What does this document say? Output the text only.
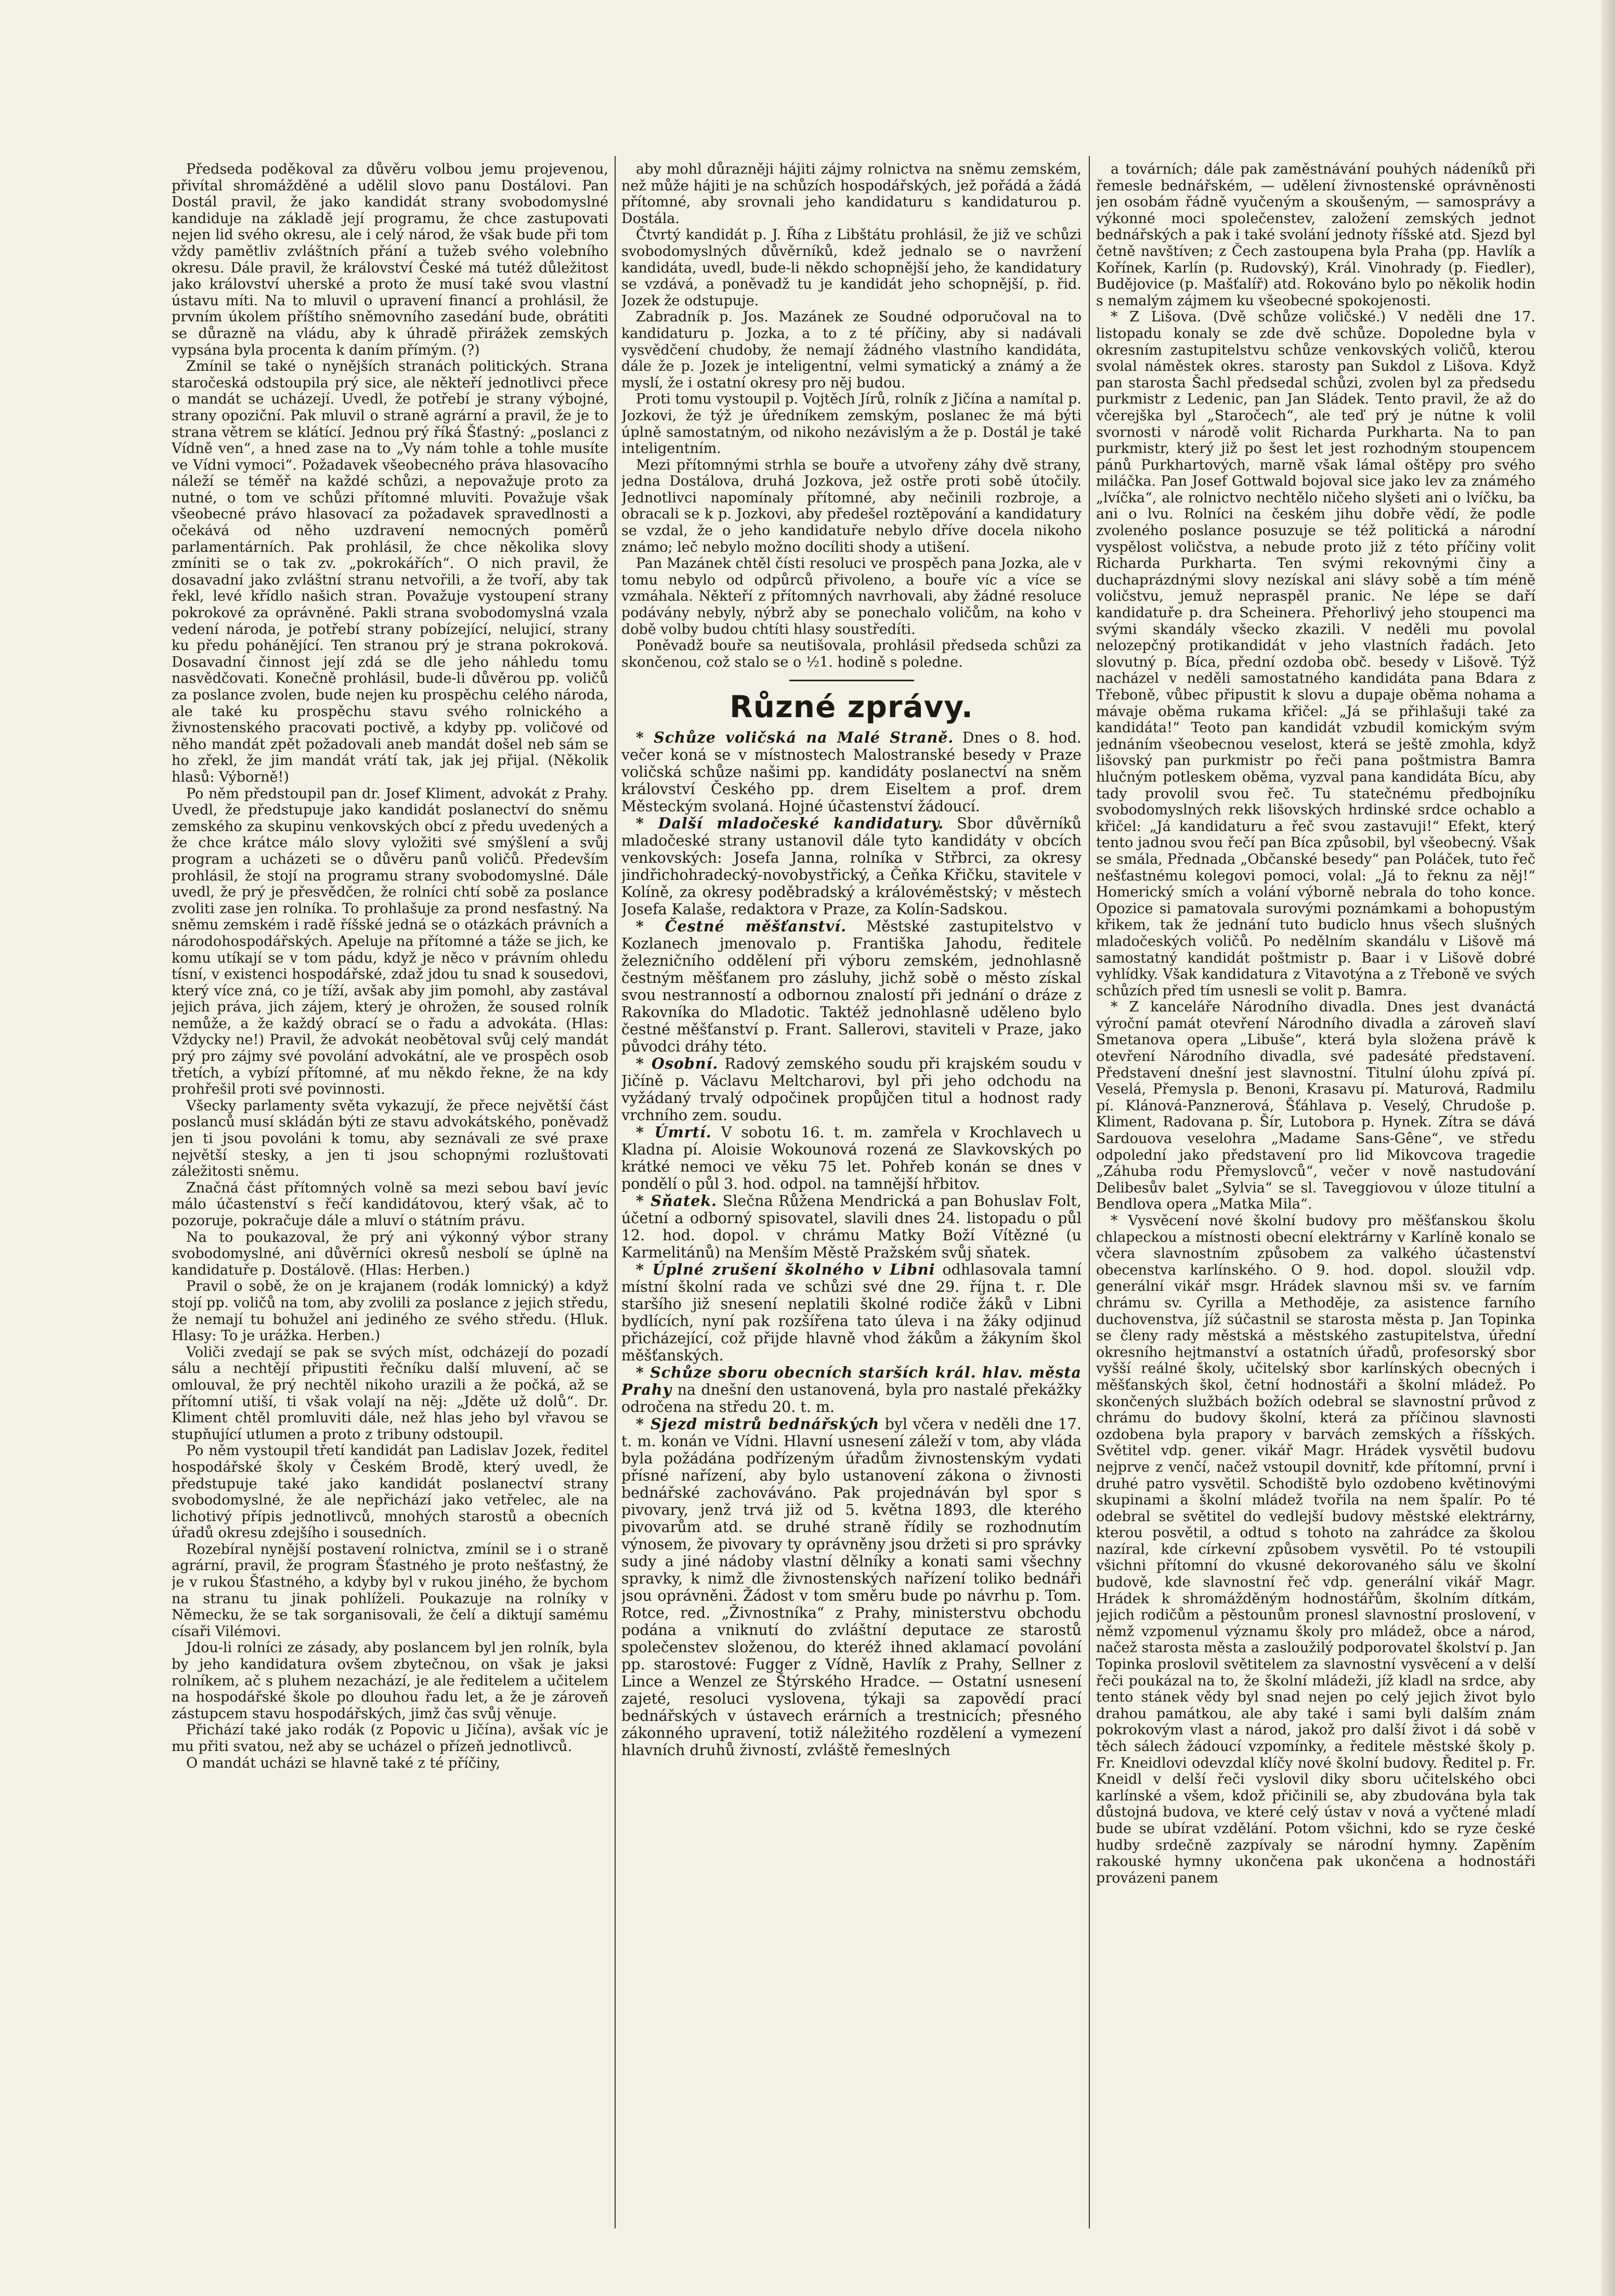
Předseda poděkoval za důvěru volbou jemu projevenou, přivítal shromážděné a udělil slovo panu Dostálovi. Pan Dostál pravil, že jako kandidát strany svobodomyslné kandiduje na základě její programu, že chce zastupovati nejen lid svého okresu, ale i celý národ, že však bude při tom vždy pamětliv zvláštních přání a tužeb svého volebního okresu. Dále pravil, že království České má tutéž důležitost jako království uherské a proto že musí také svou vlastní ústavu míti. Na to mluvil o upravení financí a prohlásil, že prvním úkolem příštího sněmovního zasedání bude, obrátiti se důrazně na vládu, aby k úhradě přirážek zemských vypsána byla procenta k daním přímým. (?)

Zmínil se také o nynějších stranách politických. Strana staročeská odstoupila prý sice, ale někteří jednotlivci přece o mandát se ucházejí. Uvedl, že potřebí je strany výbojné, strany opoziční. Pak mluvil o straně agrární a pravil, že je to strana větrem se klátící. Jednou prý říká Šťastný: „poslanci z Vídně ven“, a hned zase na to „Vy nám tohle a tohle musíte ve Vídni vymoci“. Požadavek všeobecného práva hlasovacího náleží se téměř na každé schůzi, a nepovažuje proto za nutné, o tom ve schůzi přítomné mluviti. Považuje však všeobecné právo hlasovací za požadavek spravedlnosti a očekává od něho uzdravení nemocných poměrů parlamentárních. Pak prohlásil, že chce několika slovy zmíniti se o tak zv. „pokrokářích“. O nich pravil, že dosavadní jako zvláštní stranu netvořili, a že tvoří, aby tak řekl, levé křídlo našich stran. Považuje vystoupení strany pokrokové za oprávněné. Pakli strana svobodomyslná vzala vedení národa, je potřebí strany pobízející, nelujicí, strany ku předu pohánějící. Ten stranou prý je strana pokroková. Dosavadní činnost její zdá se dle jeho náhledu tomu nasvědčovati. Konečně prohlásil, bude-li důvěrou pp. voličů za poslance zvolen, bude nejen ku prospěchu celého národa, ale také ku prospěchu stavu svého rolnického a živnostenského pracovati poctivě, a kdyby pp. voličové od něho mandát zpět požadovali aneb mandát došel neb sám se ho zřekl, že jim mandát vrátí tak, jak jej přijal. (Několik hlasů: Výborně!)

Po něm předstoupil pan dr. Josef Kliment, advokát z Prahy. Uvedl, že předstupuje jako kandidát poslanectví do sněmu zemského za skupinu venkovských obcí z předu uvedených a že chce krátce málo slovy vyložiti své smýšlení a svůj program a ucházeti se o důvěru panů voličů. Především prohlásil, že stojí na programu strany svobodomyslné. Dále uvedl, že prý je přesvědčen, že rolníci chtí sobě za poslance zvoliti zase jen rolníka. To prohlašuje za prond nesfastný. Na sněmu zemském i radě říšské jedná se o otázkách právních a národohospodářských. Apeluje na přítomné a táže se jich, ke komu utíkají se v tom pádu, když je něco v právním ohledu tísní, v existenci hospodářské, zdaž jdou tu snad k sousedovi, který více zná, co je tíží, avšak aby jim pomohl, aby zastával jejich práva, jich zájem, který je ohrožen, že soused rolník nemůže, a že každý obrací se o řadu a advokáta. (Hlas: Vždycky ne!) Pravil, že advokát neobětoval svůj celý mandát prý pro zájmy své povolání advokátní, ale ve prospěch osob třetích, a vybízí přítomné, ať mu někdo řekne, že na kdy prohřešil proti své povinnosti.

Všecky parlamenty světa vykazují, že přece největší část poslanců musí skládán býti ze stavu advokátského, poněvadž jen ti jsou povoláni k tomu, aby seznávali ze své praxe největší stesky, a jen ti jsou schopnými rozluštovati záležitosti sněmu.

Značná část přítomných volně sa mezi sebou baví jevíc málo účastenství s řečí kandidátovou, který však, ač to pozoruje, pokračuje dále a mluví o státním právu.

Na to poukazoval, že prý ani výkonný výbor strany svobodomyslné, ani důvěrníci okresů nesbolí se úplně na kandidatuře p. Dostálově. (Hlas: Herben.)

Pravil o sobě, že on je krajanem (rodák lomnický) a když stojí pp. voličů na tom, aby zvolili za poslance z jejich středu, že nemají tu bohužel ani jediného ze svého středu. (Hluk. Hlasy: To je urážka. Herben.)

Voliči zvedají se pak se svých míst, odcházejí do pozadí sálu a nechtějí připustiti řečníku další mluvení, ač se omlouval, že prý nechtěl nikoho urazili a že počká, až se přítomní utiší, ti však volají na něj: „Jděte už dolů“. Dr. Kliment chtěl promluviti dále, než hlas jeho byl vřavou se stupňující utlumen a proto z tribuny odstoupil.

Po něm vystoupil třetí kandidát pan Ladislav Jozek, ředitel hospodářské školy v Českém Brodě, který uvedl, že předstupuje také jako kandidát poslanectví strany svobodomyslné, že ale nepřichází jako vetřelec, ale na lichotivý přípis jednotlivců, mnohých starostů a obecních úřadů okresu zdejšího i sousedních.

Rozebíral nynější postavení rolnictva, zmínil se i o straně agrární, pravil, že program Šťastného je proto nešťastný, že je v rukou Šťastného, a kdyby byl v rukou jiného, že bychom na stranu tu jinak pohlíželi. Poukazuje na rolníky v Německu, že se tak sorganisovali, že čelí a diktují samému císaři Vilémovi.

Jdou-li rolníci ze zásady, aby poslancem byl jen rolník, byla by jeho kandidatura ovšem zbytečnou, on však je jaksi rolníkem, ač s pluhem nezachází, je ale ředitelem a učitelem na hospodářské škole po dlouhou řadu let, a že je zároveň zástupcem stavu hospodářských, jimž čas svůj věnuje.

Přichází také jako rodák (z Popovic u Jičína), avšak víc je mu přiti svatou, než aby se ucházel o přízeň jednotlivců.

O mandát ucházi se hlavně také z té příčiny,

aby mohl důrazněji hájiti zájmy rolnictva na sněmu zemském, než může hájiti je na schůzích hospodářských, jež pořádá a žádá přítomné, aby srovnali jeho kandidaturu s kandidaturou p. Dostála.

Čtvrtý kandidát p. J. Říha z Libštátu prohlásil, že již ve schůzi svobodomyslných důvěrníků, kdež jednalo se o navržení kandidáta, uvedl, bude-li někdo schopnější jeho, že kandidatury se vzdává, a poněvadž tu je kandidát jeho schopnější, p. řid. Jozek že odstupuje.

Zabradník p. Jos. Mazánek ze Soudné odporučoval na to kandidaturu p. Jozka, a to z té příčiny, aby si nadávali vysvědčení chudoby, že nemají žádného vlastního kandidáta, dále že p. Jozek je inteligentní, velmi symatický a známý a že myslí, že i ostatní okresy pro něj budou.

Proti tomu vystoupil p. Vojtěch Jírů, rolník z Jičína a namítal p. Jozkovi, že týž je úředníkem zemským, poslanec že má býti úplně samostatným, od nikoho nezávislým a že p. Dostál je také inteligentním.

Mezi přítomnými strhla se bouře a utvořeny záhy dvě strany, jedna Dostálova, druhá Jozkova, jež ostře proti sobě útočily. Jednotlivci napomínaly přítomné, aby nečinili rozbroje, a obracali se k p. Jozkovi, aby předešel roztěpování a kandidatury se vzdal, že o jeho kandidatuře nebylo dříve docela nikoho známo; leč nebylo možno docíliti shody a utišení.

Pan Mazánek chtěl čísti resoluci ve prospěch pana Jozka, ale v tomu nebylo od odpůrců přivoleno, a bouře víc a více se vzmáhala. Někteří z přítomných navrhovali, aby žádné resoluce podávány nebyly, nýbrž aby se ponechalo voličům, na koho v době volby budou chtíti hlasy soustředíti.

Poněvadž bouře sa neutišovala, prohlásil předseda schůzi za skončenou, což stalo se o ½1. hodině s poledne.

Různé zprávy.

* Schůze voličská na Malé Straně. Dnes o 8. hod. večer koná se v místnostech Malostranské besedy v Praze voličská schůze našimi pp. kandidáty poslanectví na sněm království Českého pp. drem Eiseltem a prof. drem Městeckým svolaná. Hojné účastenství žádoucí.

* Další mladočeské kandidatury. Sbor důvěrníků mladočeské strany ustanovil dále tyto kandidáty v obcích venkovských: Josefa Janna, rolníka v Střbrci, za okresy jindřichohradecký-novobystřický, a Čeňka Křičku, stavitele v Kolíně, za okresy poděbradský a královéměstský; v městech Josefa Kalaše, redaktora v Praze, za Kolín-Sadskou.

* Čestné měšťanství. Městské zastupitelstvo v Kozlanech jmenovalo p. Františka Jahodu, ředitele železničního oddělení při výboru zemském, jednohlasně čestným měšťanem pro zásluhy, jichž sobě o město získal svou nestranností a odbornou znalostí při jednání o dráze z Rakovníka do Mladotic. Taktéž jednohlasně uděleno bylo čestné měšťanství p. Frant. Sallerovi, staviteli v Praze, jako původci dráhy této.

* Osobní. Radový zemského soudu při krajském soudu v Jičíně p. Václavu Meltcharovi, byl při jeho odchodu na vyžádaný trvalý odpočinek propůjčen titul a hodnost rady vrchního zem. soudu.

* Úmrtí. V sobotu 16. t. m. zamřela v Krochlavech u Kladna pí. Aloisie Wokounová rozená ze Slavkovských po krátké nemoci ve věku 75 let. Pohřeb konán se dnes v pondělí o půl 3. hod. odpol. na tamnější hřbitov.

* Sňatek. Slečna Růžena Mendrická a pan Bohuslav Folt, účetní a odborný spisovatel, slavili dnes 24. listopadu o půl 12. hod. dopol. v chrámu Matky Boží Vítězné (u Karmelitánů) na Menším Městě Pražském svůj sňatek.

* Úplné zrušení školného v Libni odhlasovala tamní místní školní rada ve schůzi své dne 29. října t. r. Dle staršího již snesení neplatili školné rodiče žáků v Libni bydlících, nyní pak rozšířena tato úleva i na žáky odjinud přicházející, což přijde hlavně vhod žákům a žákyním škol měšťanských.

* Schůze sboru obecních starších král. hlav. města Prahy na dnešní den ustanovená, byla pro nastalé překážky odročena na středu 20. t. m.

* Sjezd mistrů bednářských byl včera v neděli dne 17. t. m. konán ve Vídni. Hlavní usnesení záleží v tom, aby vláda byla požádána podřízeným úřadům živnostenským vydati přísné nařízení, aby bylo ustanovení zákona o živnosti bednářské zachováváno. Pak projednáván byl spor s pivovary, jenž trvá již od 5. května 1893, dle kterého pivovarům atd. se druhé straně řídily se rozhodnutím výnosem, že pivovary ty oprávněny jsou držeti si pro správky sudy a jiné nádoby vlastní dělníky a konati sami všechny spravky, k nimž dle živnostenských nařízení toliko bednáři jsou oprávněni. Žádost v tom směru bude po návrhu p. Tom. Rotce, red. „Živnostníka“ z Prahy, ministerstvu obchodu podána a vniknutí do zvláštní deputace ze starostů společenstev složenou, do kteréž ihned aklamací povolání pp. starostové: Fugger z Vídně, Havlík z Prahy, Sellner z Lince a Wenzel ze Štýrského Hradce. — Ostatní usnesení zajeté, resoluci vyslovena, týkaji sa zapovědí prací bednářských v ústavech erárních a trestnicích; přesného zákonného upravení, totiž náležitého rozdělení a vymezení hlavních druhů živností, zvláště řemeslných

a továrních; dále pak zaměstnávání pouhých nádeníků při řemesle bednářském, — udělení živnostenské oprávněnosti jen osobám řádně vyučeným a skoušeným, — samosprávy a výkonné moci společenstev, založení zemských jednot bednářských a pak i také svolání jednoty říšské atd. Sjezd byl četně navštíven; z Čech zastoupena byla Praha (pp. Havlík a Kořínek, Karlín (p. Rudovský), Král. Vinohrady (p. Fiedler), Budějovice (p. Mašťalíř) atd. Rokováno bylo po několik hodin s nemalým zájmem ku všeobecné spokojenosti.

* Z Lišova. (Dvě schůze voličské.) V neděli dne 17. listopadu konaly se zde dvě schůze. Dopoledne byla v okresním zastupitelstvu schůze venkovských voličů, kterou svolal náměstek okres. starosty pan Sukdol z Lišova. Když pan starosta Šachl předsedal schůzi, zvolen byl za předsedu purkmistr z Ledenic, pan Jan Sládek. Tento pravil, že až do včerejška byl „Staročech“, ale teď prý je nútne k volil svornosti v národě volit Richarda Purkharta. Na to pan purkmistr, který již po šest let jest rozhodným stoupencem pánů Purkhartových, marně však lámal oštěpy pro svého miláčka. Pan Josef Gottwald bojoval sice jako lev za známého „lvíčka“, ale rolnictvo nechtělo ničeho slyšeti ani o lvíčku, ba ani o lvu. Rolníci na českém jihu dobře vědí, že podle zvoleného poslance posuzuje se též politická a národní vyspělost voličstva, a nebude proto již z této příčiny volit Richarda Purkharta. Ten svými rekovnými činy a duchaprázdnými slovy nezískal ani slávy sobě a tím méně voličstvu, jemuž nepraspěl pranic. Ne lépe se daří kandidatuře p. dra Scheinera. Přehorlivý jeho stoupenci ma svými skandály všecko zkazili. V neděli mu povolal nelozepčný protikandidát v jeho vlastních řadách. Jeto slovutný p. Bíca, přední ozdoba obč. besedy v Lišově. Týž nacházel v neděli samostatného kandidáta pana Bdara z Třeboně, vůbec připustit k slovu a dupaje oběma nohama a mávaje oběma rukama křičel: „Já se přihlašuji také za kandidáta!“ Teoto pan kandidát vzbudil komickým svým jednáním všeobecnou veselost, která se ještě zmohla, když lišovský pan purkmistr po řeči pana poštmistra Bamra hlučným potleskem oběma, vyzval pana kandidáta Bícu, aby tady provolil svou řeč. Tu statečnému předbojníku svobodomyslných rekk lišovských hrdinské srdce ochablo a křičel: „Já kandidaturu a řeč svou zastavuji!“ Efekt, který tento jadnou svou řečí pan Bíca způsobil, byl všeobecný. Však se smála, Přednada „Občanské besedy“ pan Poláček, tuto řeč nešťastnému kolegovi pomoci, volal: „Já to řeknu za něj!“ Homerický smích a volání výborně nebrala do toho konce. Opozice si pamatovala surovými poznámkami a bohopustým křikem, tak že jednání tuto budiclo hnus všech slušných mladočeských voličů. Po nedělním skandálu v Lišově má samostatný kandidát poštmistr p. Baar i v Lišově dobré vyhlídky. Však kandidatura z Vitavotýna a z Třeboně ve svých schůzích před tím usnesli se volit p. Bamra.

* Z kanceláře Národního divadla. Dnes jest dvanáctá výroční památ otevření Národního divadla a zároveň slaví Smetanova opera „Libuše“, která byla složena právě k otevření Národního divadla, své padesáté představení. Představení dnešní jest slavnostní. Titulní úlohu zpívá pí. Veselá, Přemysla p. Benoni, Krasavu pí. Maturová, Radmilu pí. Klánová-Panznerová, Šťáhlava p. Veselý, Chrudoše p. Kliment, Radovana p. Šír, Lutobora p. Hynek. Zítra se dává Sardouova veselohra „Madame Sans-Gêne“, ve středu odpolední jako představení pro lid Mikovcova tragedie „Záhuba rodu Přemyslovců“, večer v nově nastudování Delibesův balet „Sylvia“ se sl. Taveggiovou v úloze titulní a Bendlova opera „Matka Mila“.

* Vysvěcení nové školní budovy pro měšťanskou školu chlapeckou a místnosti obecní elektrárny v Karlíně konalo se včera slavnostním způsobem za valkého účastenství obecenstva karlínského. O 9. hod. dopol. sloužil vdp. generální vikář msgr. Hrádek slavnou mši sv. ve farním chrámu sv. Cyrilla a Methoděje, za asistence farního duchovenstva, jíž súčastnil se starosta města p. Jan Topinka se členy rady městská a městského zastupitelstva, úřední okresního hejtmanství a ostatních úřadů, profesorský sbor vyšší reálné školy, učitelský sbor karlínských obecných i měšťanských škol, četní hodnostáři a školní mládež. Po skončených službách božích odebral se slavnostní průvod z chrámu do budovy školní, která za příčinou slavnosti ozdobena byla prapory v barvách zemských a říšských. Světitel vdp. gener. vikář Magr. Hrádek vysvětil budovu nejprve z venčí, načež vstoupil dovnitř, kde přítomní, první i druhé patro vysvětil. Schodiště bylo ozdobeno květinovými skupinami a školní mládež tvořila na nem špalír. Po té odebral se světitel do vedlejší budovy městské elektrárny, kterou posvětil, a odtud s tohoto na zahrádce za školou nazíral, kde církevní způsobem vysvětil. Po té vstoupili všichni přítomní do vkusné dekorovaného sálu ve školní budově, kde slavnostní řeč vdp. generální vikář Magr. Hrádek k shromážděným hodnostářům, školním dítkám, jejich rodičům a pěstounům pronesl slavnostní proslovení, v němž vzpomenul významu školy pro mládež, obce a národ, načež starosta města a zasloužilý podporovatel školství p. Jan Topinka proslovil světitelem za slavnostní vysvěcení a v delší řeči poukázal na to, že školní mládeži, jíž kladl na srdce, aby tento stánek vědy byl snad nejen po celý jejich život bylo drahou památkou, ale aby také i sami byli dalším znám pokrokovým vlast a národ, jakož pro další život i dá sobě v těch sálech žádoucí vzpomínky, a ředitele městské školy p. Fr. Kneidlovi odevzdal klíčy nové školní budovy. Ředitel p. Fr. Kneidl v delší řeči vyslovil diky sboru učitelského obci karlínské a všem, kdož přičinili se, aby zbudována byla tak důstojná budova, ve které celý ústav v nová a vyčtené mladí bude se ubírat vzdělání. Potom všichni, kdo se ryze české hudby srdečně zazpívaly se národní hymny. Zapěním rakouské hymny ukončena pak ukončena a hodnostáři provázeni panem
